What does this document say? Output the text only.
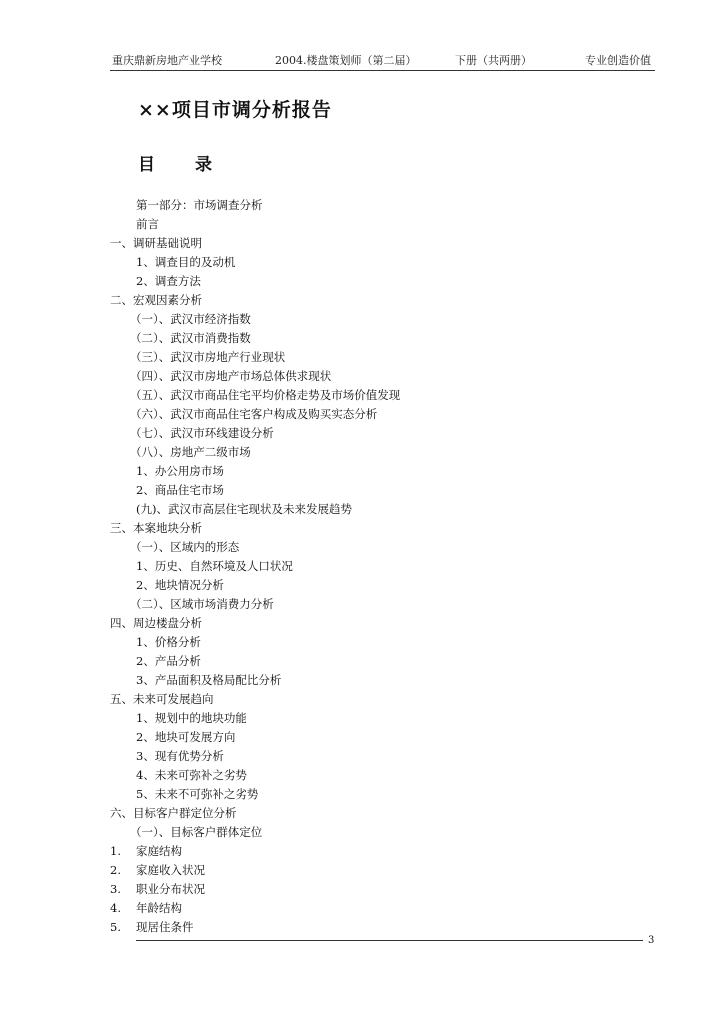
重庆鼎新房地产业学校	2004.楼盘策划师（第二届）	下册（共两册）	专业创造价值
××项目市调分析报告
目 录
第一部分：市场调查分析
前言
一、调研基础说明
1、调查目的及动机
2、调查方法
二、宏观因素分析
（一）、武汉市经济指数
（二）、武汉市消费指数
（三）、武汉市房地产行业现状
（四）、武汉市房地产市场总体供求现状
（五）、武汉市商品住宅平均价格走势及市场价值发现
（六）、武汉市商品住宅客户构成及购买实态分析
（七）、武汉市环线建设分析
（八）、房地产二级市场
1、办公用房市场
2、商品住宅市场
(九)、武汉市高层住宅现状及未来发展趋势
三、本案地块分析
（一）、区域内的形态
1、历史、自然环境及人口状况
2、地块情况分析
（二）、区域市场消费力分析
四、周边楼盘分析
1、价格分析
2、产品分析
3、产品面积及格局配比分析
五、未来可发展趋向
1、规划中的地块功能
2、地块可发展方向
3、现有优势分析
4、未来可弥补之劣势
5、未来不可弥补之劣势
六、目标客户群定位分析
（一）、目标客户群体定位
1. 家庭结构
2. 家庭收入状况
3. 职业分布状况
4. 年龄结构
5. 现居住条件
3
